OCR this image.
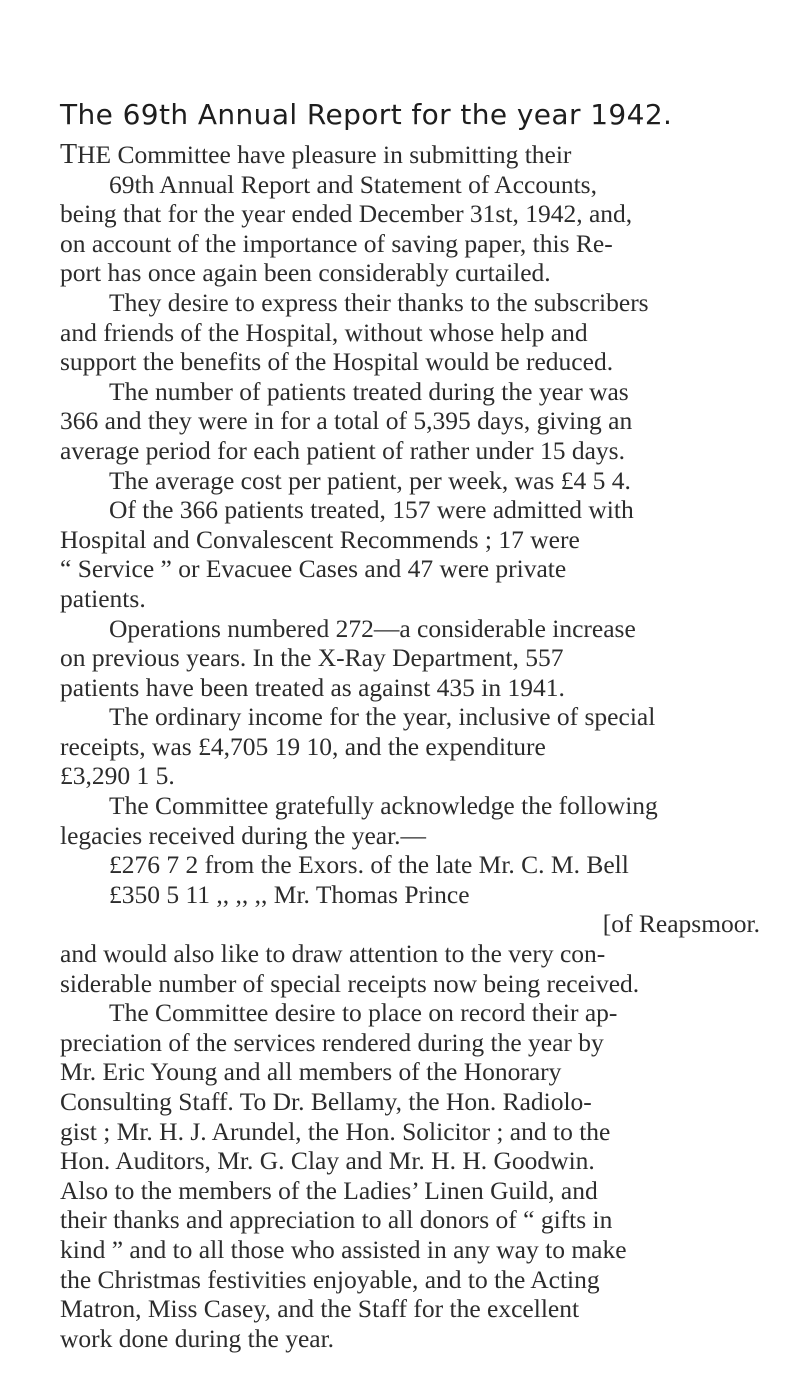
The 69th Annual Report for the year 1942.
THE Committee have pleasure in submitting their
69th Annual Report and Statement of Accounts,
being that for the year ended December 31st, 1942, and,
on account of the importance of saving paper, this Re-
port has once again been considerably curtailed.
They desire to express their thanks to the subscribers
and friends of the Hospital, without whose help and
support the benefits of the Hospital would be reduced.
The number of patients treated during the year was
366 and they were in for a total of 5,395 days, giving an
average period for each patient of rather under 15 days.
The average cost per patient, per week, was £4 5 4.
Of the 366 patients treated, 157 were admitted with
Hospital and Convalescent Recommends ; 17 were
“ Service ” or Evacuee Cases and 47 were private
patients.
Operations numbered 272—a considerable increase
on previous years. In the X-Ray Department, 557
patients have been treated as against 435 in 1941.
The ordinary income for the year, inclusive of special
receipts, was £4,705 19 10, and the expenditure
£3,290 1 5.
The Committee gratefully acknowledge the following
legacies received during the year.—
£276 7 2 from the Exors. of the late Mr. C. M. Bell
£350 5 11 ,, ,, ,, Mr. Thomas Prince
[of Reapsmoor.
and would also like to draw attention to the very con-
siderable number of special receipts now being received.
The Committee desire to place on record their ap-
preciation of the services rendered during the year by
Mr. Eric Young and all members of the Honorary
Consulting Staff. To Dr. Bellamy, the Hon. Radiolo-
gist ; Mr. H. J. Arundel, the Hon. Solicitor ; and to the
Hon. Auditors, Mr. G. Clay and Mr. H. H. Goodwin.
Also to the members of the Ladies’ Linen Guild, and
their thanks and appreciation to all donors of “ gifts in
kind ” and to all those who assisted in any way to make
the Christmas festivities enjoyable, and to the Acting
Matron, Miss Casey, and the Staff for the excellent
work done during the year.
